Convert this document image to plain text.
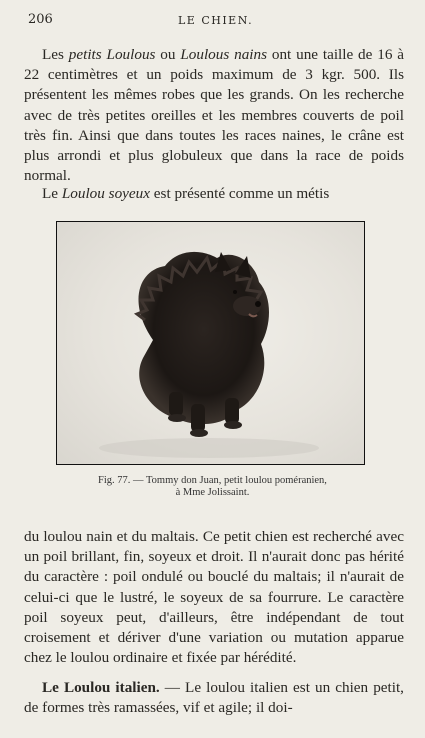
206	LE CHIEN.

Les petits Loulous ou Loulous nains ont une taille de 16 à 22 centimètres et un poids maximum de 3 kgr. 500. Ils présentent les mêmes robes que les grands. On les recherche avec de très petites oreilles et les membres couverts de poil très fin. Ainsi que dans toutes les races naines, le crâne est plus arrondi et plus globuleux que dans la race de poids normal.

Le Loulou soyeux est présenté comme un métis

Fig. 77. — Tommy don Juan, petit loulou poméranien,
à Mme Jolissaint.

du loulou nain et du maltais. Ce petit chien est recherché avec un poil brillant, fin, soyeux et droit. Il n'aurait donc pas hérité du caractère : poil ondulé ou bouclé du maltais; il n'aurait de celui-ci que le lustré, le soyeux de sa fourrure. Le caractère poil soyeux peut, d'ailleurs, être indépendant de tout croisement et dériver d'une variation ou mutation apparue chez le loulou ordinaire et fixée par hérédité.

Le Loulou italien. — Le loulou italien est un chien petit, de formes très ramassées, vif et agile; il doi-
